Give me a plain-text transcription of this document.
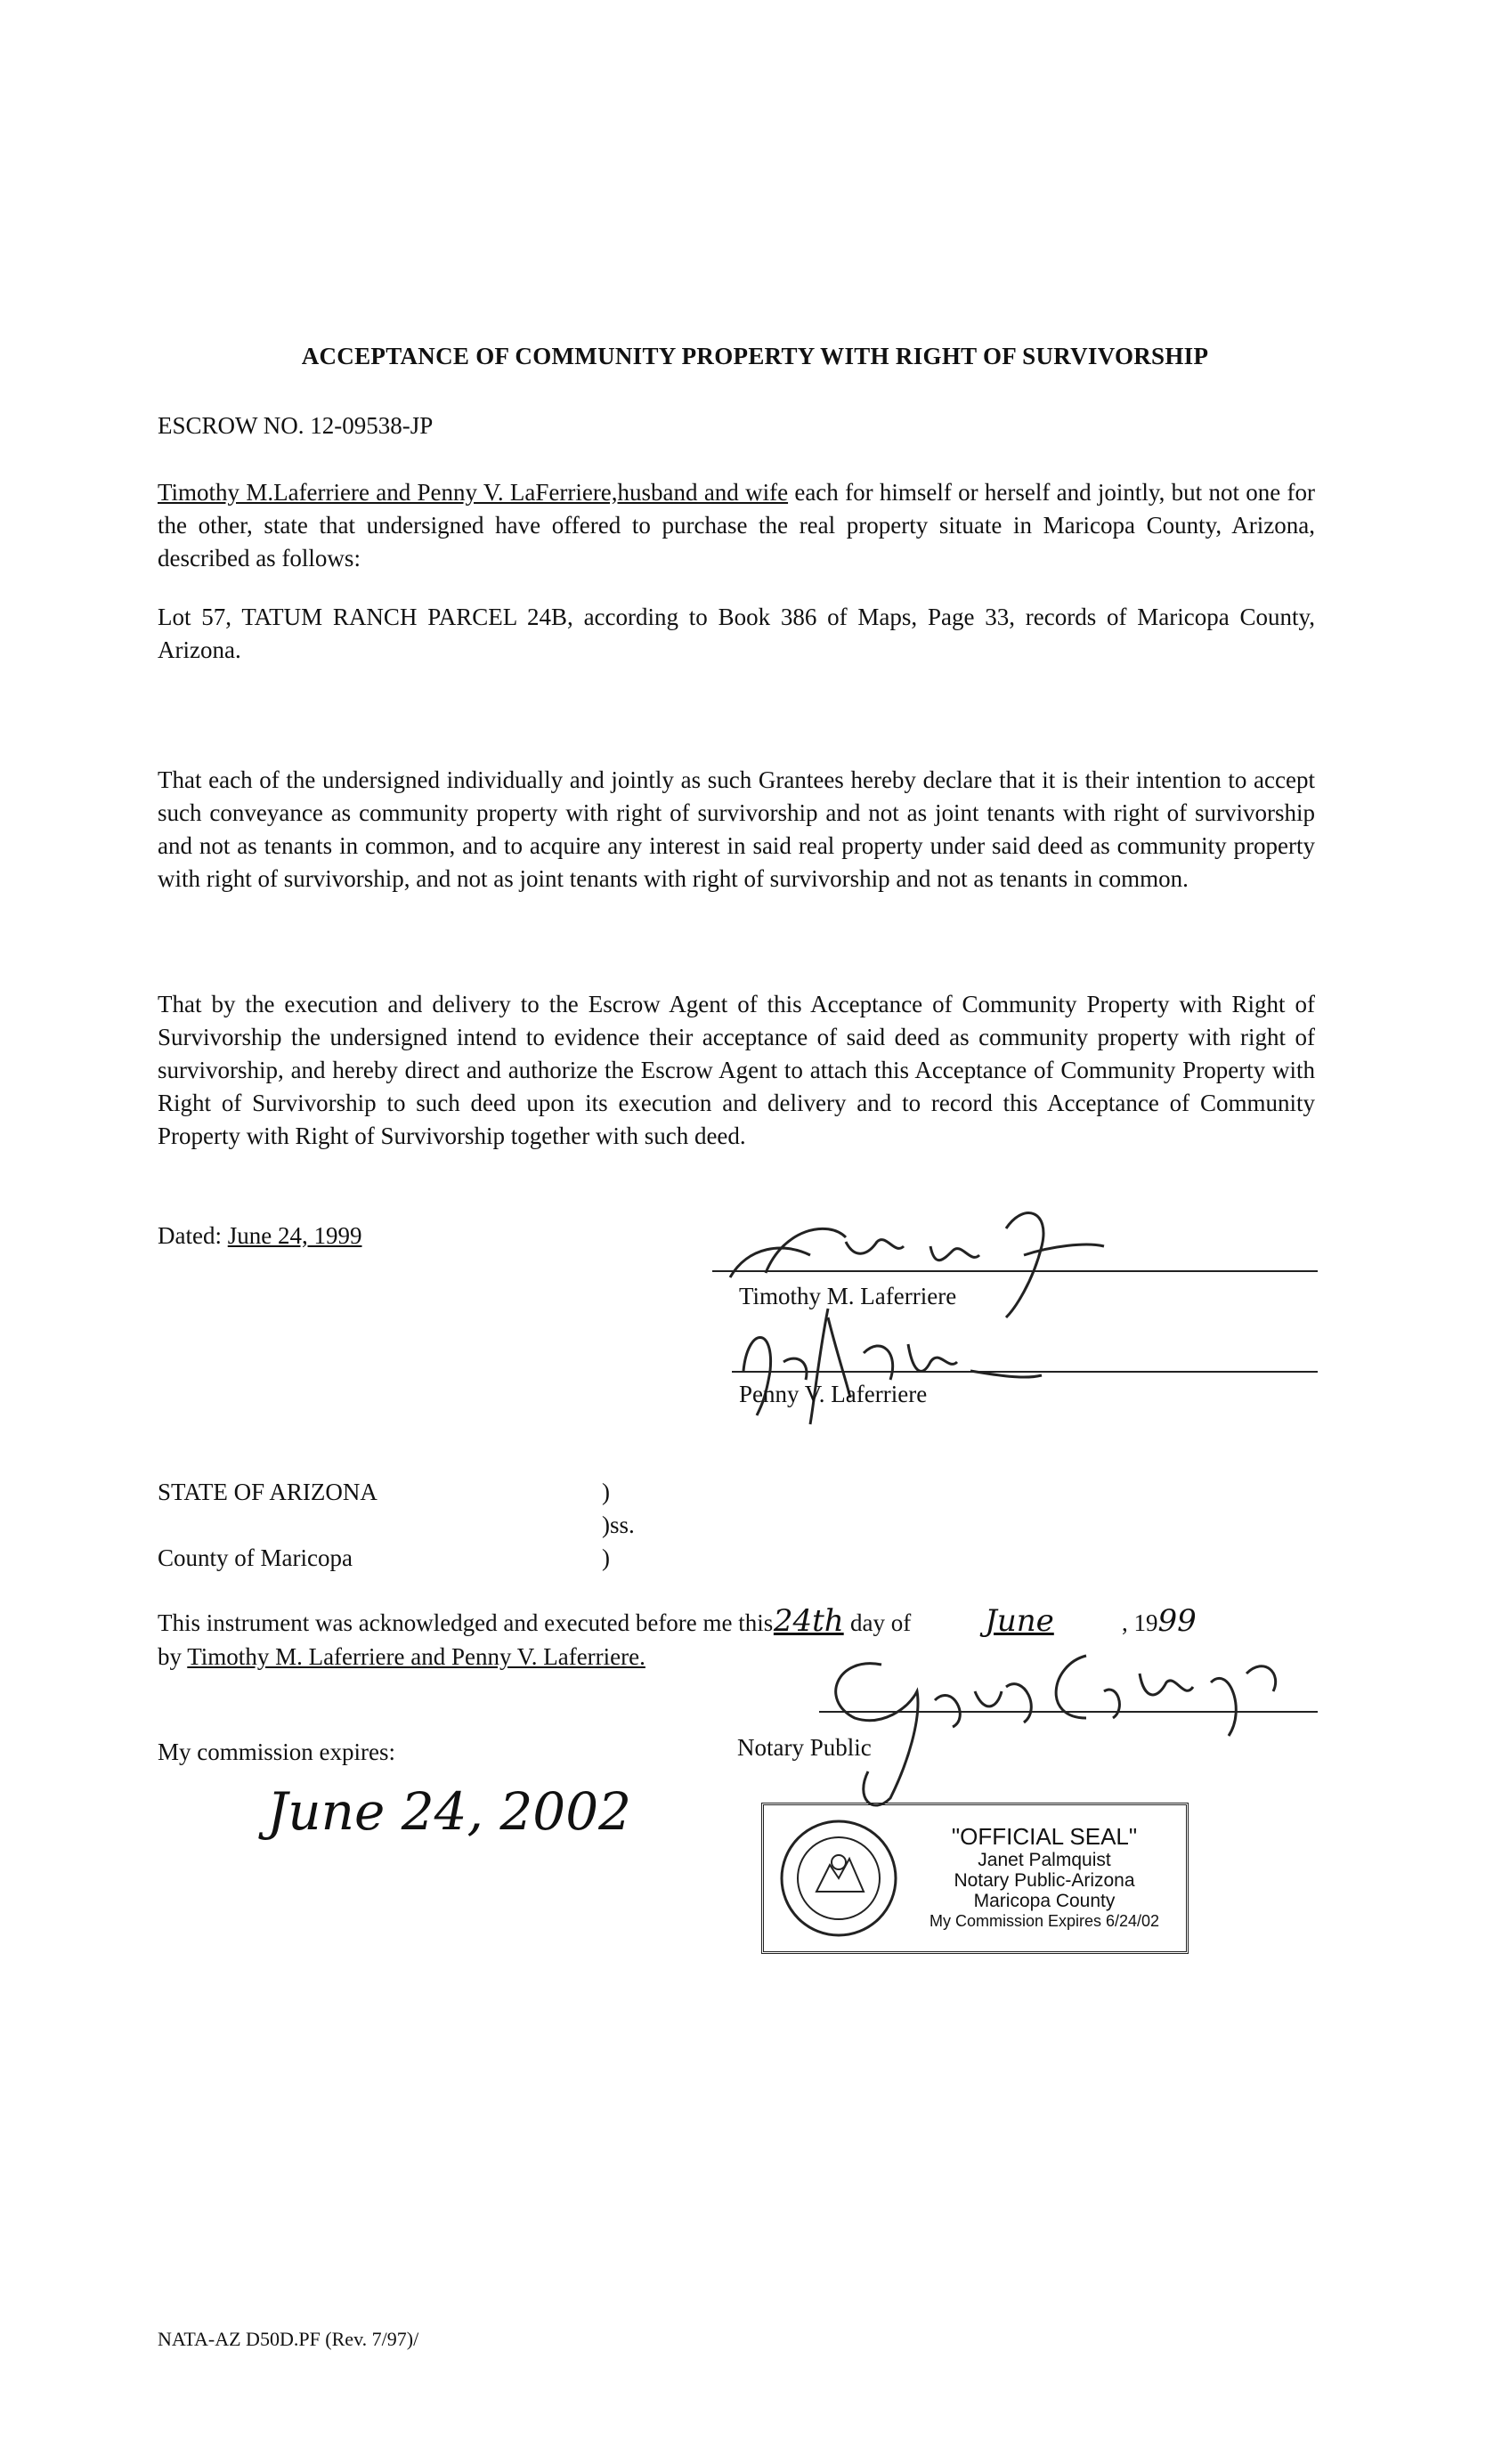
ACCEPTANCE OF COMMUNITY PROPERTY WITH RIGHT OF SURVIVORSHIP
ESCROW NO. 12-09538-JP
Timothy M.Laferriere and Penny V. LaFerriere,husband and wife each for himself or herself and jointly, but not one for the other, state that undersigned have offered to purchase the real property situate in Maricopa County, Arizona, described as follows:
Lot 57, TATUM RANCH PARCEL 24B, according to Book 386 of Maps, Page 33, records of Maricopa County, Arizona.
That each of the undersigned individually and jointly as such Grantees hereby declare that it is their intention to accept such conveyance as community property with right of survivorship and not as joint tenants with right of survivorship and not as tenants in common, and to acquire any interest in said real property under said deed as community property with right of survivorship, and not as joint tenants with right of survivorship and not as tenants in common.
That by the execution and delivery to the Escrow Agent of this Acceptance of Community Property with Right of Survivorship the undersigned intend to evidence their acceptance of said deed as community property with right of survivorship, and hereby direct and authorize the Escrow Agent to attach this Acceptance of Community Property with Right of Survivorship to such deed upon its execution and delivery and to record this Acceptance of Community Property with Right of Survivorship together with such deed.
Dated: June 24, 1999
Timothy M. Laferriere
Penny V. Laferriere
STATE OF ARIZONA	)
)ss.
County of Maricopa	)
This instrument was acknowledged and executed before me this24th day of June	, 1999
by Timothy M. Laferriere and Penny V. Laferriere.
Notary Public
My commission expires:
June 24, 2002	"OFFICIAL SEAL"
Janet Palmquist
Notary Public-Arizona
Maricopa County
My Commission Expires 6/24/02
NATA-AZ D50D.PF (Rev. 7/97)/
